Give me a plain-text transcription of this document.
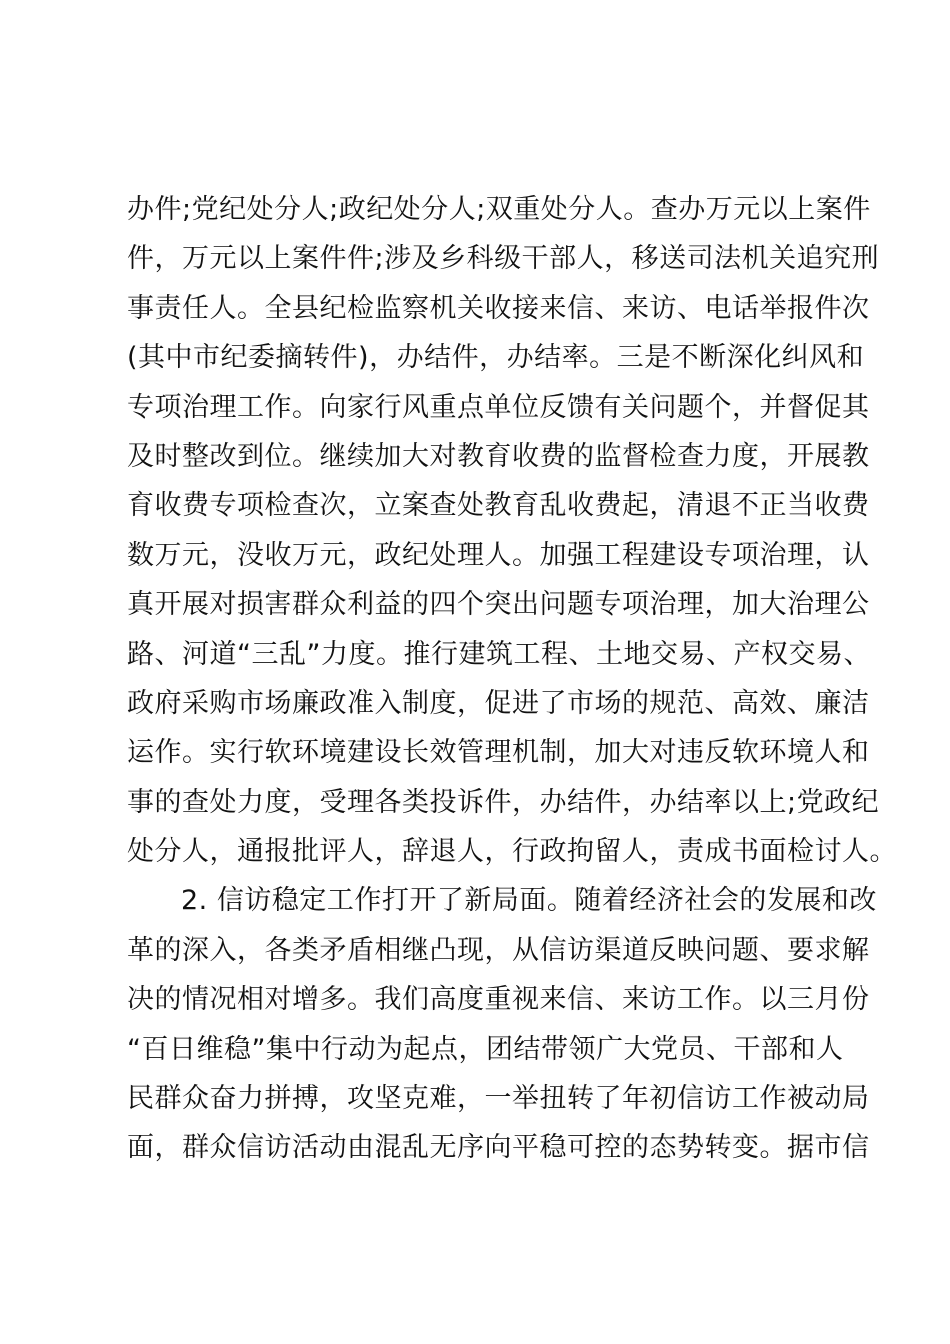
办件;党纪处分人;政纪处分人;双重处分人。查办万元以上案件
件，万元以上案件件;涉及乡科级干部人，移送司法机关追究刑
事责任人。全县纪检监察机关收接来信、来访、电话举报件次
(其中市纪委摘转件)，办结件，办结率。三是不断深化纠风和
专项治理工作。向家行风重点单位反馈有关问题个，并督促其
及时整改到位。继续加大对教育收费的监督检查力度，开展教
育收费专项检查次，立案查处教育乱收费起，清退不正当收费
数万元，没收万元，政纪处理人。加强工程建设专项治理，认
真开展对损害群众利益的四个突出问题专项治理，加大治理公
路、河道“三乱”力度。推行建筑工程、土地交易、产权交易、
政府采购市场廉政准入制度，促进了市场的规范、高效、廉洁
运作。实行软环境建设长效管理机制，加大对违反软环境人和
事的查处力度，受理各类投诉件，办结件，办结率以上;党政纪
处分人，通报批评人，辞退人，行政拘留人，责成书面检讨人。
2. 信访稳定工作打开了新局面。随着经济社会的发展和改
革的深入，各类矛盾相继凸现，从信访渠道反映问题、要求解
决的情况相对增多。我们高度重视来信、来访工作。以三月份
“百日维稳”集中行动为起点，团结带领广大党员、干部和人
民群众奋力拼搏，攻坚克难，一举扭转了年初信访工作被动局
面，群众信访活动由混乱无序向平稳可控的态势转变。据市信
